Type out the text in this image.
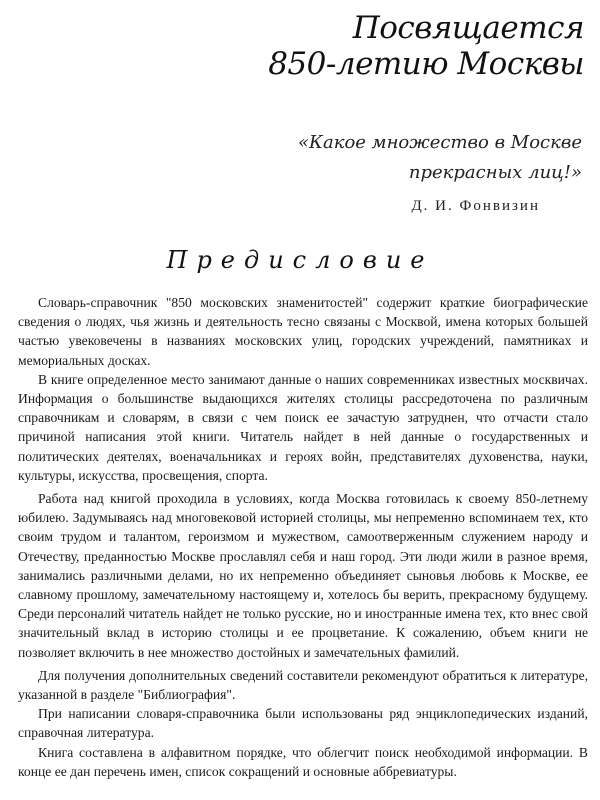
Посвящается
850-летию Москвы
«Какое множество в Москве
прекрасных лиц!»
Д. И. Фонвизин
Предисловие

Словарь-справочник "850 московских знаменитостей" содержит краткие биографические сведения о людях, чья жизнь и деятельность тесно связаны с Москвой, имена которых большей частью увековечены в названиях московских улиц, городских учреждений, памятниках и мемориальных досках.

В книге определенное место занимают данные о наших современниках известных москвичах. Информация о большинстве выдающихся жителях столицы рассредоточена по различным справочникам и словарям, в связи с чем поиск ее зачастую затруднен, что отчасти стало причиной написания этой книги. Читатель найдет в ней данные о государственных и политических деятелях, военачальниках и героях войн, представителях духовенства, науки, культуры, искусства, просвещения, спорта.

Работа над книгой проходила в условиях, когда Москва готовилась к своему 850-летнему юбилею. Задумываясь над многовековой историей столицы, мы непременно вспоминаем тех, кто своим трудом и талантом, героизмом и мужеством, самоотверженным служением народу и Отечеству, преданностью Москве прославлял себя и наш город. Эти люди жили в разное время, занимались различными делами, но их непременно объединяет сыновья любовь к Москве, ее славному прошлому, замечательному настоящему и, хотелось бы верить, прекрасному будущему. Среди персоналий читатель найдет не только русские, но и иностранные имена тех, кто внес свой значительный вклад в историю столицы и ее процветание. К сожалению, объем книги не позволяет включить в нее множество достойных и замечательных фамилий.

Для получения дополнительных сведений составители рекомендуют обратиться к литературе, указанной в разделе "Библиография".

При написании словаря-справочника были использованы ряд энциклопедических изданий, справочная литература.

Книга составлена в алфавитном порядке, что облегчит поиск необходимой информации. В конце ее дан перечень имен, список сокращений и основные аббревиатуры.
